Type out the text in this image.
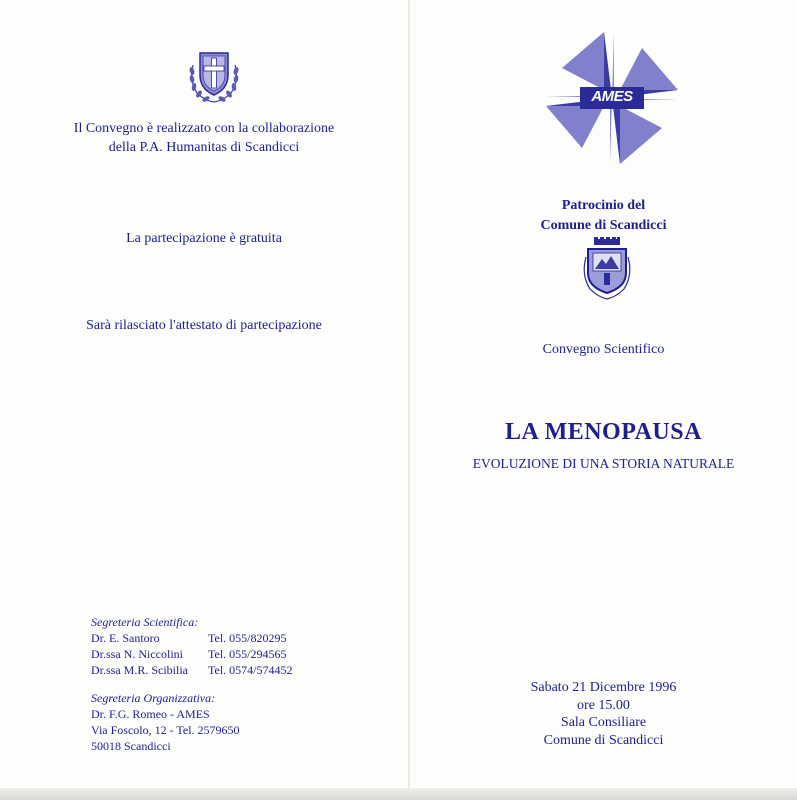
Il Convegno è realizzato con la collaborazione
della P.A. Humanitas di Scandicci
La partecipazione è gratuita
Sarà rilasciato l'attestato di partecipazione
Segreteria Scientifica:
Dr. E. Santoro	Tel. 055/820295
Dr.ssa N. Niccolini Tel. 055/294565
Dr.ssa M.R. Scibilia Tel. 0574/574452
Segreteria Organizzativa:
Dr. F.G. Romeo - AMES
Via Foscolo, 12 - Tel. 2579650
50018 Scandicci
AMES
Patrocinio del
Comune di Scandicci
Convegno Scientifico
LA MENOPAUSA
EVOLUZIONE DI UNA STORIA NATURALE
Sabato 21 Dicembre 1996
ore 15.00
Sala Consiliare
Comune di Scandicci
